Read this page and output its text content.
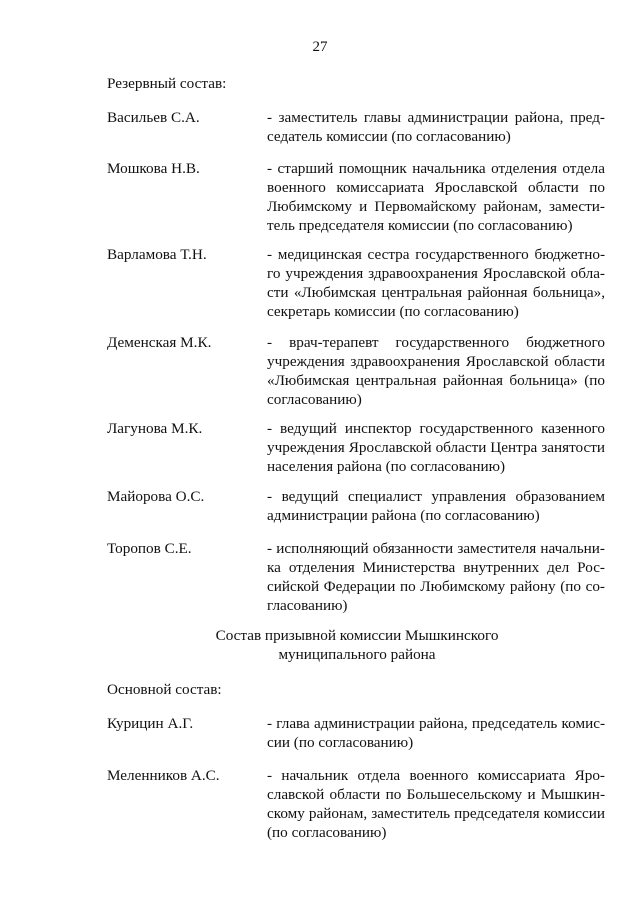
27
Резервный состав:
Васильев С.А.	- заместитель главы администрации района, пред-
седатель комиссии (по согласованию)
Мошкова Н.В.	- старший помощник начальника отделения отдела
военного комиссариата Ярославской области по
Любимскому и Первомайскому районам, замести-
тель председателя комиссии (по согласованию)
Варламова Т.Н.	- медицинская сестра государственного бюджетно-
го учреждения здравоохранения Ярославской обла-
сти «Любимская центральная районная больница»,
секретарь комиссии (по согласованию)
Деменская М.К.	- врач-терапевт государственного бюджетного
учреждения здравоохранения Ярославской области
«Любимская центральная районная больница» (по
согласованию)
Лагунова М.К.	- ведущий инспектор государственного казенного
учреждения Ярославской области Центра занятости
населения района (по согласованию)
Майорова О.С.	- ведущий специалист управления образованием
администрации района (по согласованию)
Торопов С.Е.	- исполняющий обязанности заместителя начальни-
ка отделения Министерства внутренних дел Рос-
сийской Федерации по Любимскому району (по со-
гласованию)
Состав призывной комиссии Мышкинского
муниципального района
Основной состав:
Курицин А.Г.	- глава администрации района, председатель комис-
сии (по согласованию)
Меленников А.С.	- начальник отдела военного комиссариата Яро-
славской области по Большесельскому и Мышкин-
скому районам, заместитель председателя комиссии
(по согласованию)
